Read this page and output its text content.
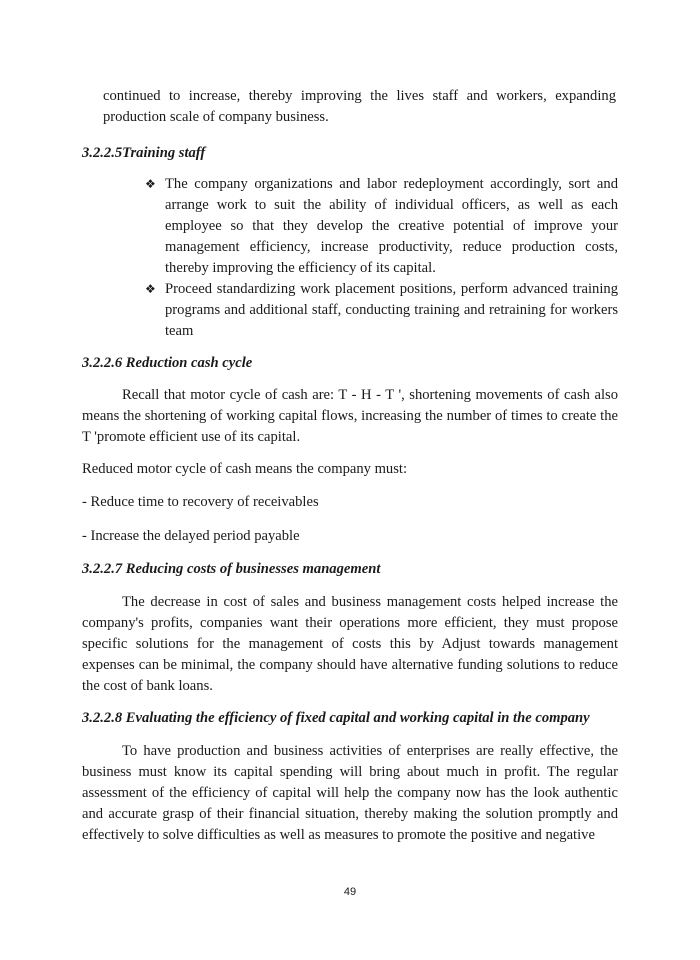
continued to increase, thereby improving the lives staff and workers, expanding production scale of company business.

3.2.2.5Training staff

❖ The company organizations and labor redeployment accordingly, sort and arrange work to suit the ability of individual officers, as well as each employee so that they develop the creative potential of improve your management efficiency, increase productivity, reduce production costs, thereby improving the efficiency of its capital.
❖ Proceed standardizing work placement positions, perform advanced training programs and additional staff, conducting training and retraining for workers team

3.2.2.6 Reduction cash cycle

Recall that motor cycle of cash are: T - H - T ', shortening movements of cash also means the shortening of working capital flows, increasing the number of times to create the T 'promote efficient use of its capital.

Reduced motor cycle of cash means the company must:

- Reduce time to recovery of receivables

- Increase the delayed period payable

3.2.2.7 Reducing costs of businesses management

The decrease in cost of sales and business management costs helped increase the company's profits, companies want their operations more efficient, they must propose specific solutions for the management of costs this by Adjust towards management expenses can be minimal, the company should have alternative funding solutions to reduce the cost of bank loans.

3.2.2.8 Evaluating the efficiency of fixed capital and working capital in the company

To have production and business activities of enterprises are really effective, the business must know its capital spending will bring about much in profit. The regular assessment of the efficiency of capital will help the company now has the look authentic and accurate grasp of their financial situation, thereby making the solution promptly and effectively to solve difficulties as well as measures to promote the positive and negative

49
